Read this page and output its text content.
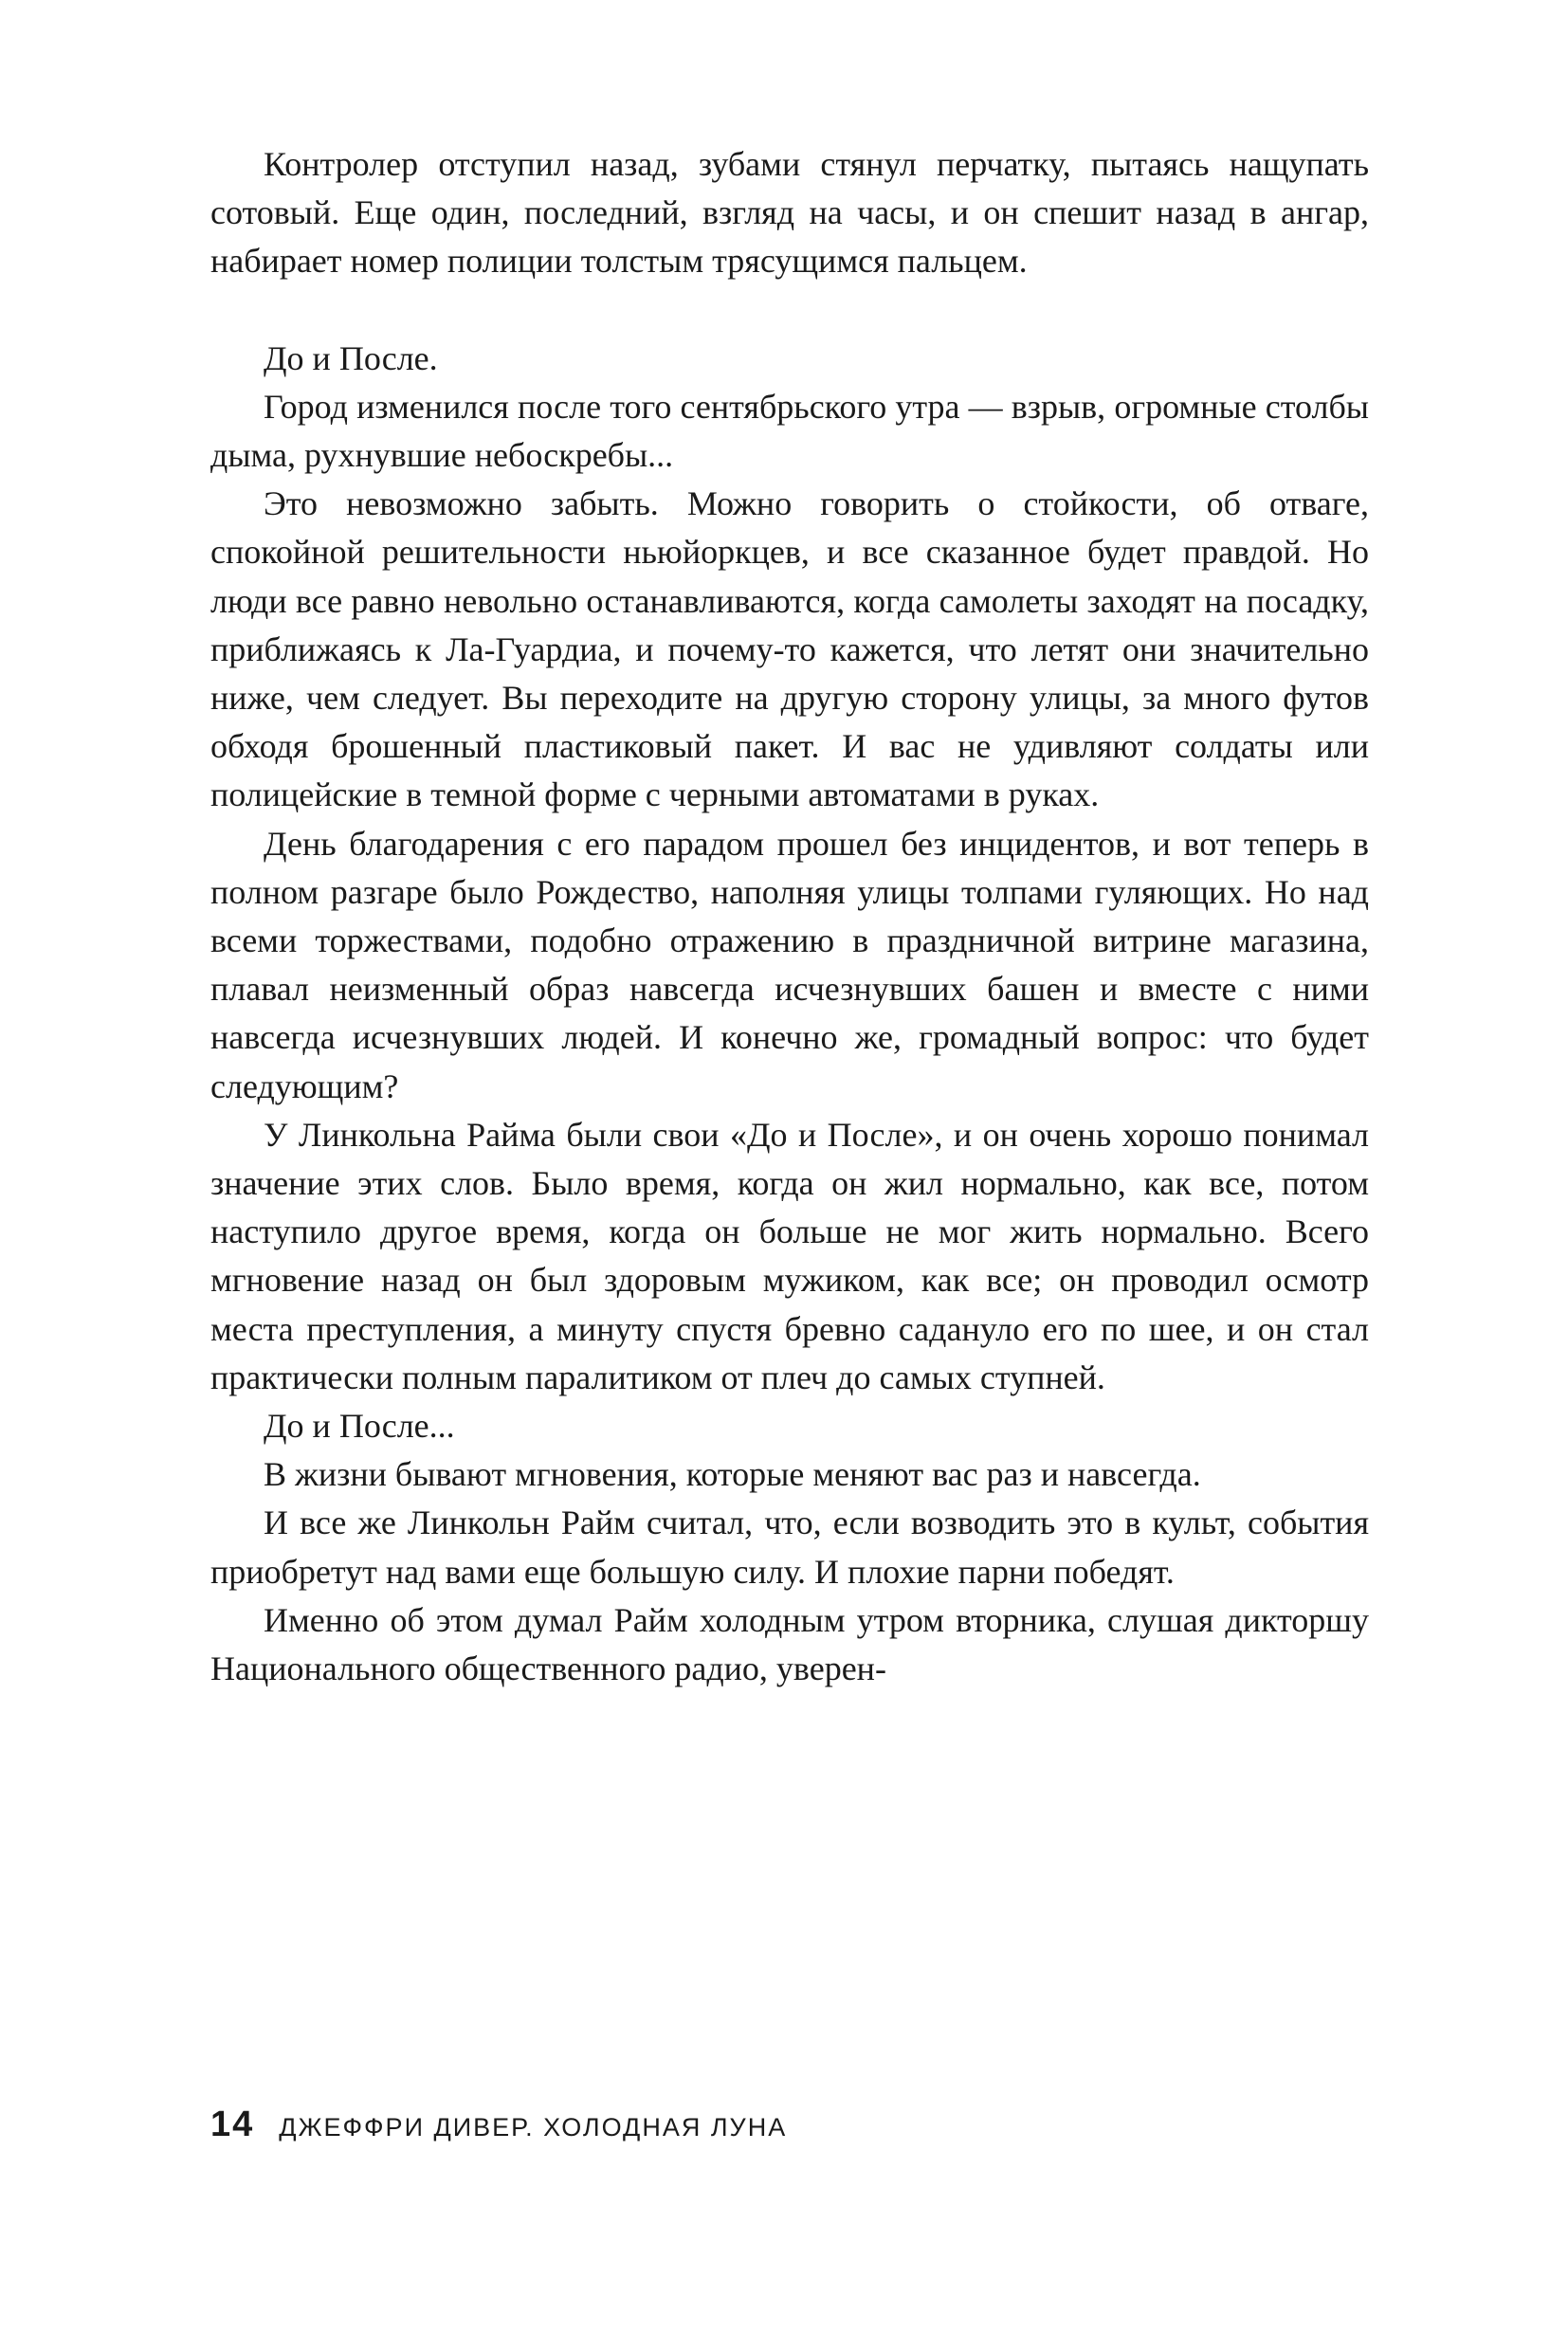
Контролер отступил назад, зубами стянул перчатку, пытаясь нащупать сотовый. Еще один, последний, взгляд на часы, и он спешит назад в ангар, набирает номер полиции толстым трясущимся пальцем.

До и После.

Город изменился после того сентябрьского утра — взрыв, огромные столбы дыма, рухнувшие небоскребы...

Это невозможно забыть. Можно говорить о стойкости, об отваге, спокойной решительности ньюйоркцев, и все сказанное будет правдой. Но люди все равно невольно останавливаются, когда самолеты заходят на посадку, приближаясь к Ла-Гуардиа, и почему-то кажется, что летят они значительно ниже, чем следует. Вы переходите на другую сторону улицы, за много футов обходя брошенный пластиковый пакет. И вас не удивляют солдаты или полицейские в темной форме с черными автоматами в руках.

День благодарения с его парадом прошел без инцидентов, и вот теперь в полном разгаре было Рождество, наполняя улицы толпами гуляющих. Но над всеми торжествами, подобно отражению в праздничной витрине магазина, плавал неизменный образ навсегда исчезнувших башен и вместе с ними навсегда исчезнувших людей. И конечно же, громадный вопрос: что будет следующим?

У Линкольна Райма были свои «До и После», и он очень хорошо понимал значение этих слов. Было время, когда он жил нормально, как все, потом наступило другое время, когда он больше не мог жить нормально. Всего мгновение назад он был здоровым мужиком, как все; он проводил осмотр места преступления, а минуту спустя бревно садануло его по шее, и он стал практически полным паралитиком от плеч до самых ступней.

До и После...

В жизни бывают мгновения, которые меняют вас раз и навсегда.

И все же Линкольн Райм считал, что, если возводить это в культ, события приобретут над вами еще большую силу. И плохие парни победят.

Именно об этом думал Райм холодным утром вторника, слушая дикторшу Национального общественного радио, уверен-

14 ДЖЕФФРИ ДИВЕР. ХОЛОДНАЯ ЛУНА
